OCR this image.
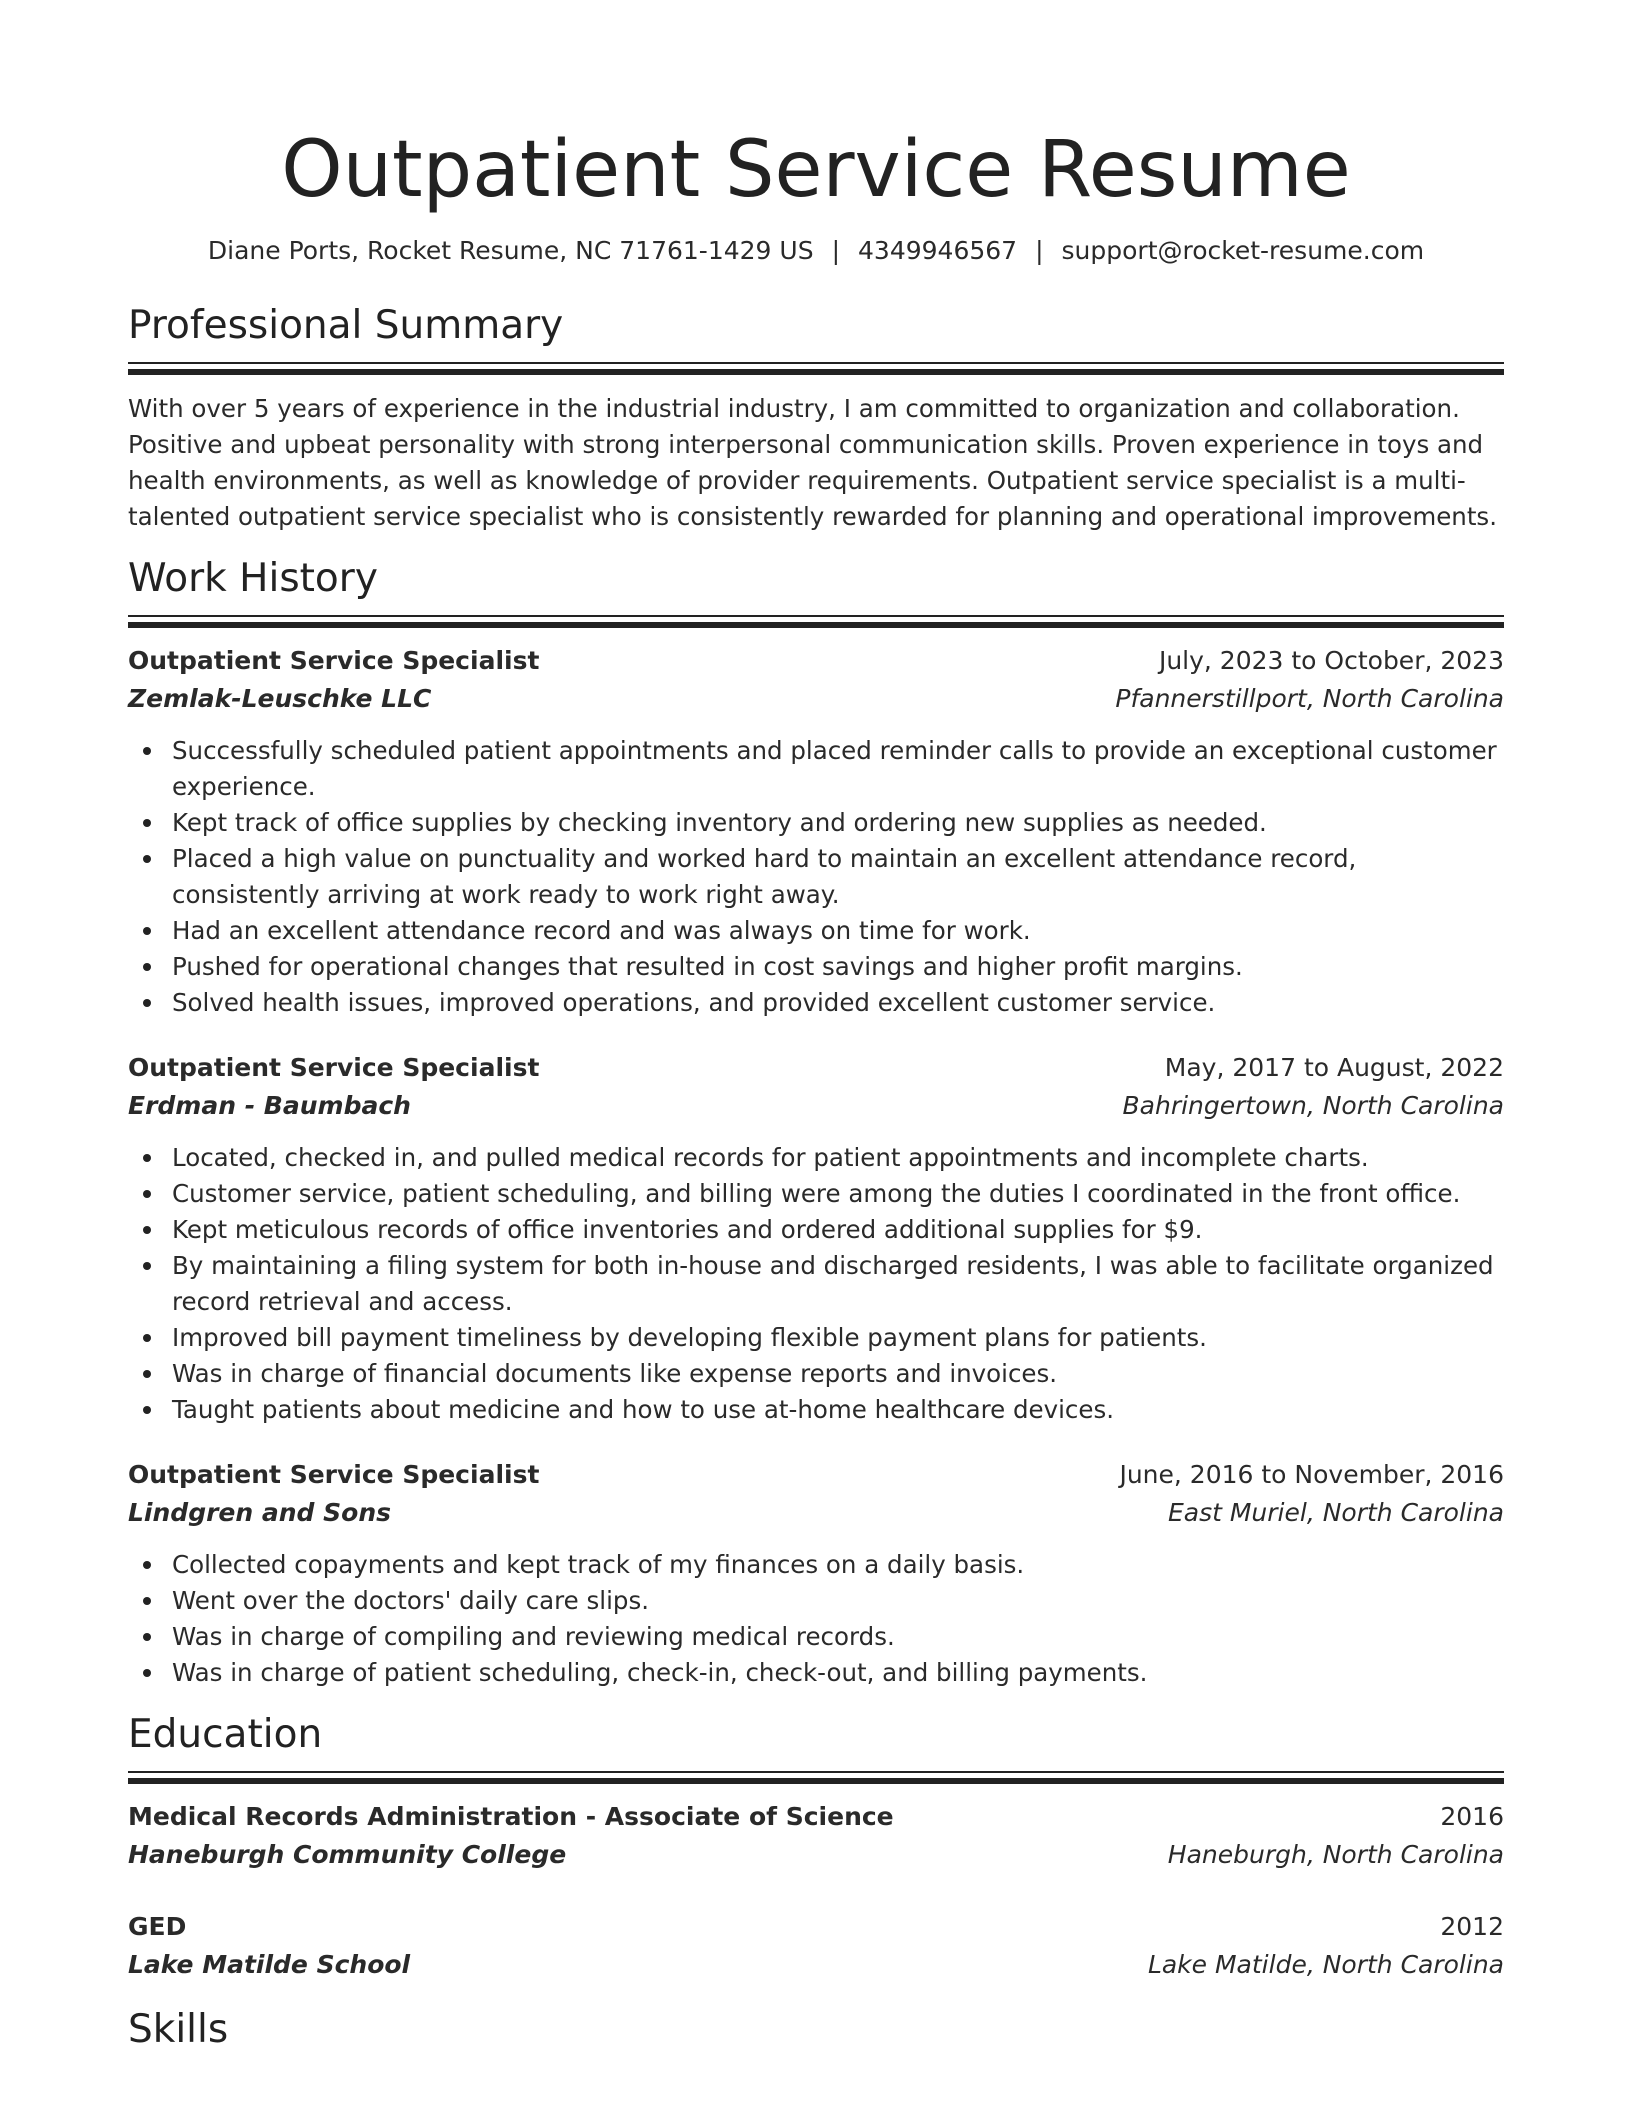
Outpatient Service Resume
Diane Ports, Rocket Resume, NC 71761-1429 US | 4349946567 | support@rocket-resume.com
Professional Summary

With over 5 years of experience in the industrial industry, I am committed to organization and collaboration. Positive and upbeat personality with strong interpersonal communication skills. Proven experience in toys and health environments, as well as knowledge of provider requirements. Outpatient service specialist is a multi-talented outpatient service specialist who is consistently rewarded for planning and operational improvements.

Work History
Outpatient Service Specialist	July, 2023 to October, 2023
Zemlak-Leuschke LLC	Pfannerstillport, North Carolina
Successfully scheduled patient appointments and placed reminder calls to provide an exceptional customer experience.
Kept track of office supplies by checking inventory and ordering new supplies as needed.
Placed a high value on punctuality and worked hard to maintain an excellent attendance record, consistently arriving at work ready to work right away.
Had an excellent attendance record and was always on time for work.
Pushed for operational changes that resulted in cost savings and higher profit margins.
Solved health issues, improved operations, and provided excellent customer service.
Outpatient Service Specialist	May, 2017 to August, 2022
Erdman - Baumbach	Bahringertown, North Carolina
Located, checked in, and pulled medical records for patient appointments and incomplete charts.
Customer service, patient scheduling, and billing were among the duties I coordinated in the front office.
Kept meticulous records of office inventories and ordered additional supplies for $9.
By maintaining a filing system for both in-house and discharged residents, I was able to facilitate organized record retrieval and access.
Improved bill payment timeliness by developing flexible payment plans for patients.
Was in charge of financial documents like expense reports and invoices.
Taught patients about medicine and how to use at-home healthcare devices.
Outpatient Service Specialist	June, 2016 to November, 2016
Lindgren and Sons	East Muriel, North Carolina
Collected copayments and kept track of my finances on a daily basis.
Went over the doctors' daily care slips.
Was in charge of compiling and reviewing medical records.
Was in charge of patient scheduling, check-in, check-out, and billing payments.
Education
Medical Records Administration - Associate of Science	2016
Haneburgh Community College	Haneburgh, North Carolina
GED	2012
Lake Matilde School	Lake Matilde, North Carolina
Skills
